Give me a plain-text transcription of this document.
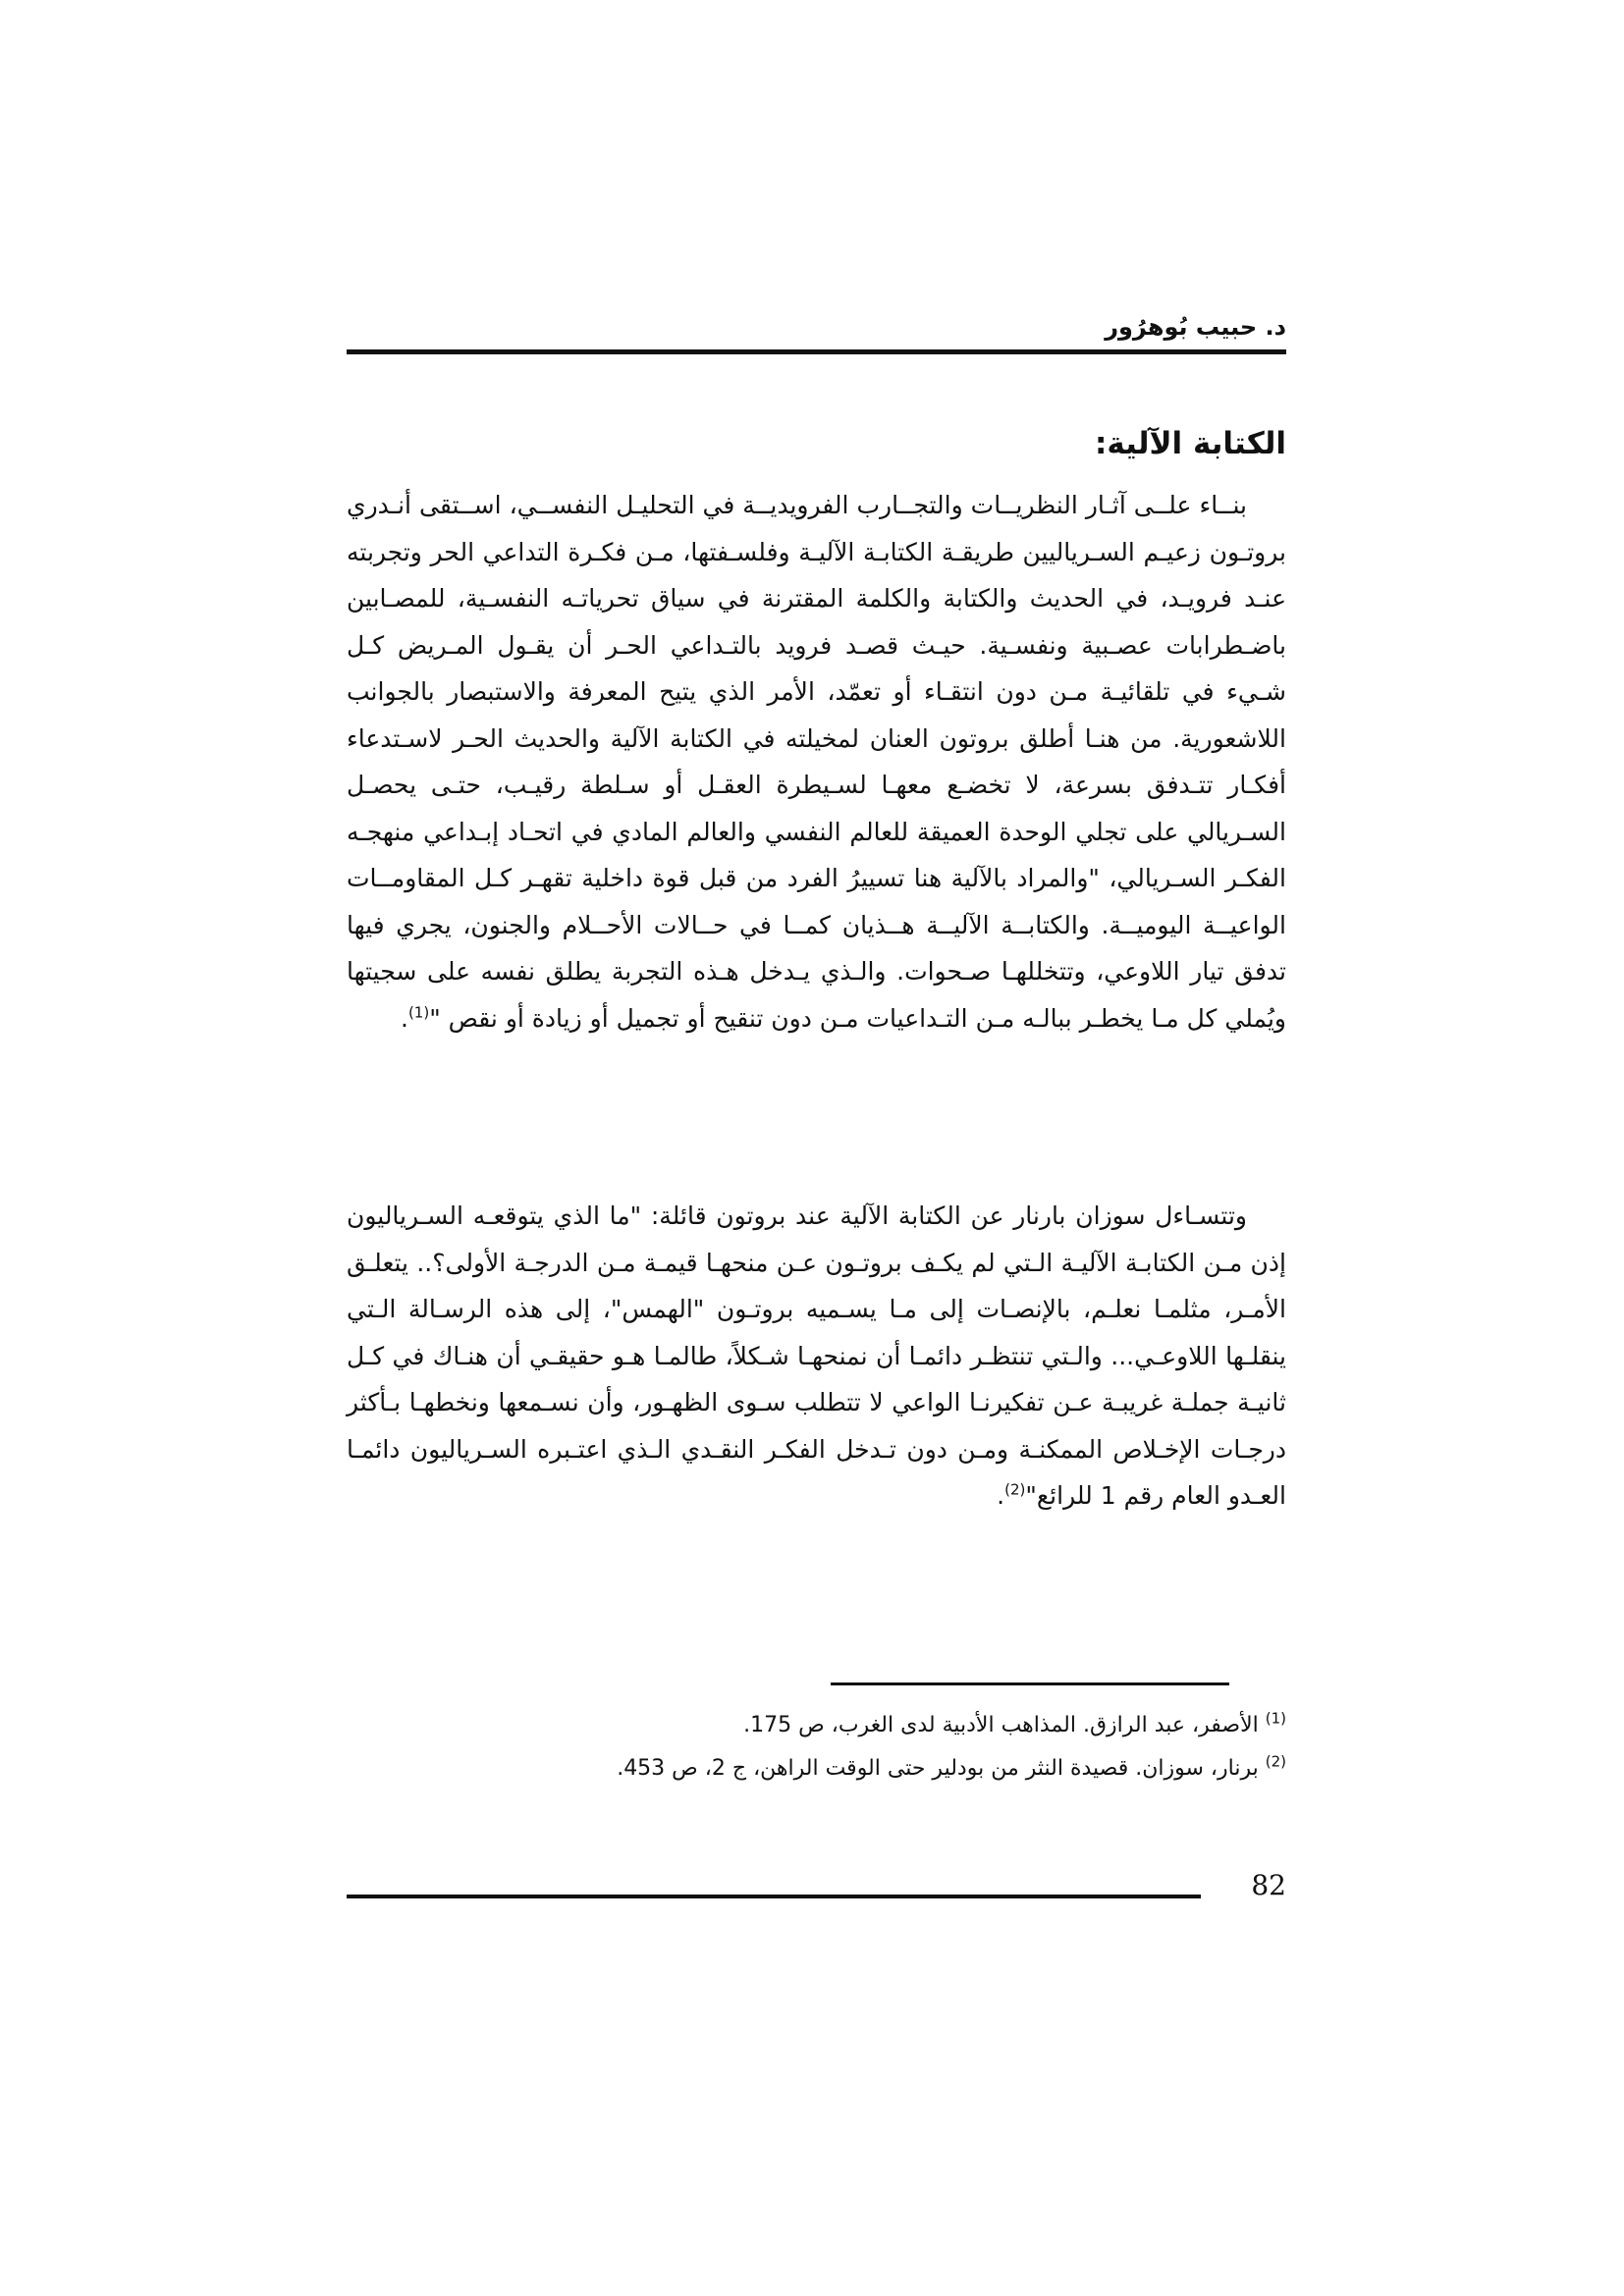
د. حبيب بُوهرُور
الكتابة الآلية:

بنــاء علــى آثـار النظريــات والتجــارب الفرويديــة في التحليـل النفســي، اســتقى أنـدري بروتـون زعيـم السـرياليين طريقـة الكتابـة الآليـة وفلسـفتها، مـن فكـرة التداعي الحر وتجربته عنـد فرويـد، في الحديث والكتابة والكلمة المقترنة في سياق تحرياتـه النفسـية، للمصـابين باضـطرابات عصـبية ونفسـية. حيـث قصـد فرويد بالتـداعي الحـر أن يقـول المـريض كـل شـيء في تلقائيـة مـن دون انتقـاء أو تعمّد، الأمر الذي يتيح المعرفة والاستبصار بالجوانب اللاشعورية. من هنـا أطلق بروتون العنان لمخيلته في الكتابة الآلية والحديث الحـر لاسـتدعاء أفكـار تتـدفق بسرعة، لا تخضـع معهـا لسـيطرة العقـل أو سـلطة رقيـب، حتـى يحصـل السـريالي على تجلي الوحدة العميقة للعالم النفسي والعالم المادي في اتحـاد إبـداعي منهجـه الفكـر السـريالي، "والمراد بالآلية هنا تسييرُ الفرد من قبل قوة داخلية تقهـر كـل المقاومــات الواعيــة اليوميــة. والكتابــة الآليــة هــذيان كمــا في حــالات الأحــلام والجنون، يجري فيها تدفق تيار اللاوعي، وتتخللهـا صـحوات. والـذي يـدخل هـذه التجربة يطلق نفسه على سجيتها ويُملي كل مـا يخطـر ببالـه مـن التـداعيات مـن دون تنقيح أو تجميل أو زيادة أو نقص "$^{(1)}$.

وتتسـاءل سوزان بارنار عن الكتابة الآلية عند بروتون قائلة: "ما الذي يتوقعـه السـرياليون إذن مـن الكتابـة الآليـة الـتي لم يكـف بروتـون عـن منحهـا قيمـة مـن الدرجـة الأولى؟.. يتعلـق الأمـر، مثلمـا نعلـم، بالإنصـات إلى مـا يسـميه بروتـون "الهمس"، إلى هذه الرسـالة الـتي ينقلـها اللاوعـي... والـتي تنتظـر دائمـا أن نمنحهـا شـكلاً، طالمـا هـو حقيقـي أن هنـاك في كـل ثانيـة جملـة غريبـة عـن تفكيرنـا الواعي لا تتطلب سـوى الظهـور، وأن نسـمعها ونخطهـا بـأكثر درجـات الإخـلاص الممكنـة ومـن دون تـدخل الفكـر النقـدي الـذي اعتـبره السـرياليون دائمـا العـدو العام رقم 1 للرائع"$^{(2)}$.

$^{(1)}$ الأصفر، عبد الرازق. المذاهب الأدبية لدى الغرب، ص 175.
$^{(2)}$ برنار، سوزان. قصيدة النثر من بودلير حتى الوقت الراهن، ج 2، ص 453.
82
